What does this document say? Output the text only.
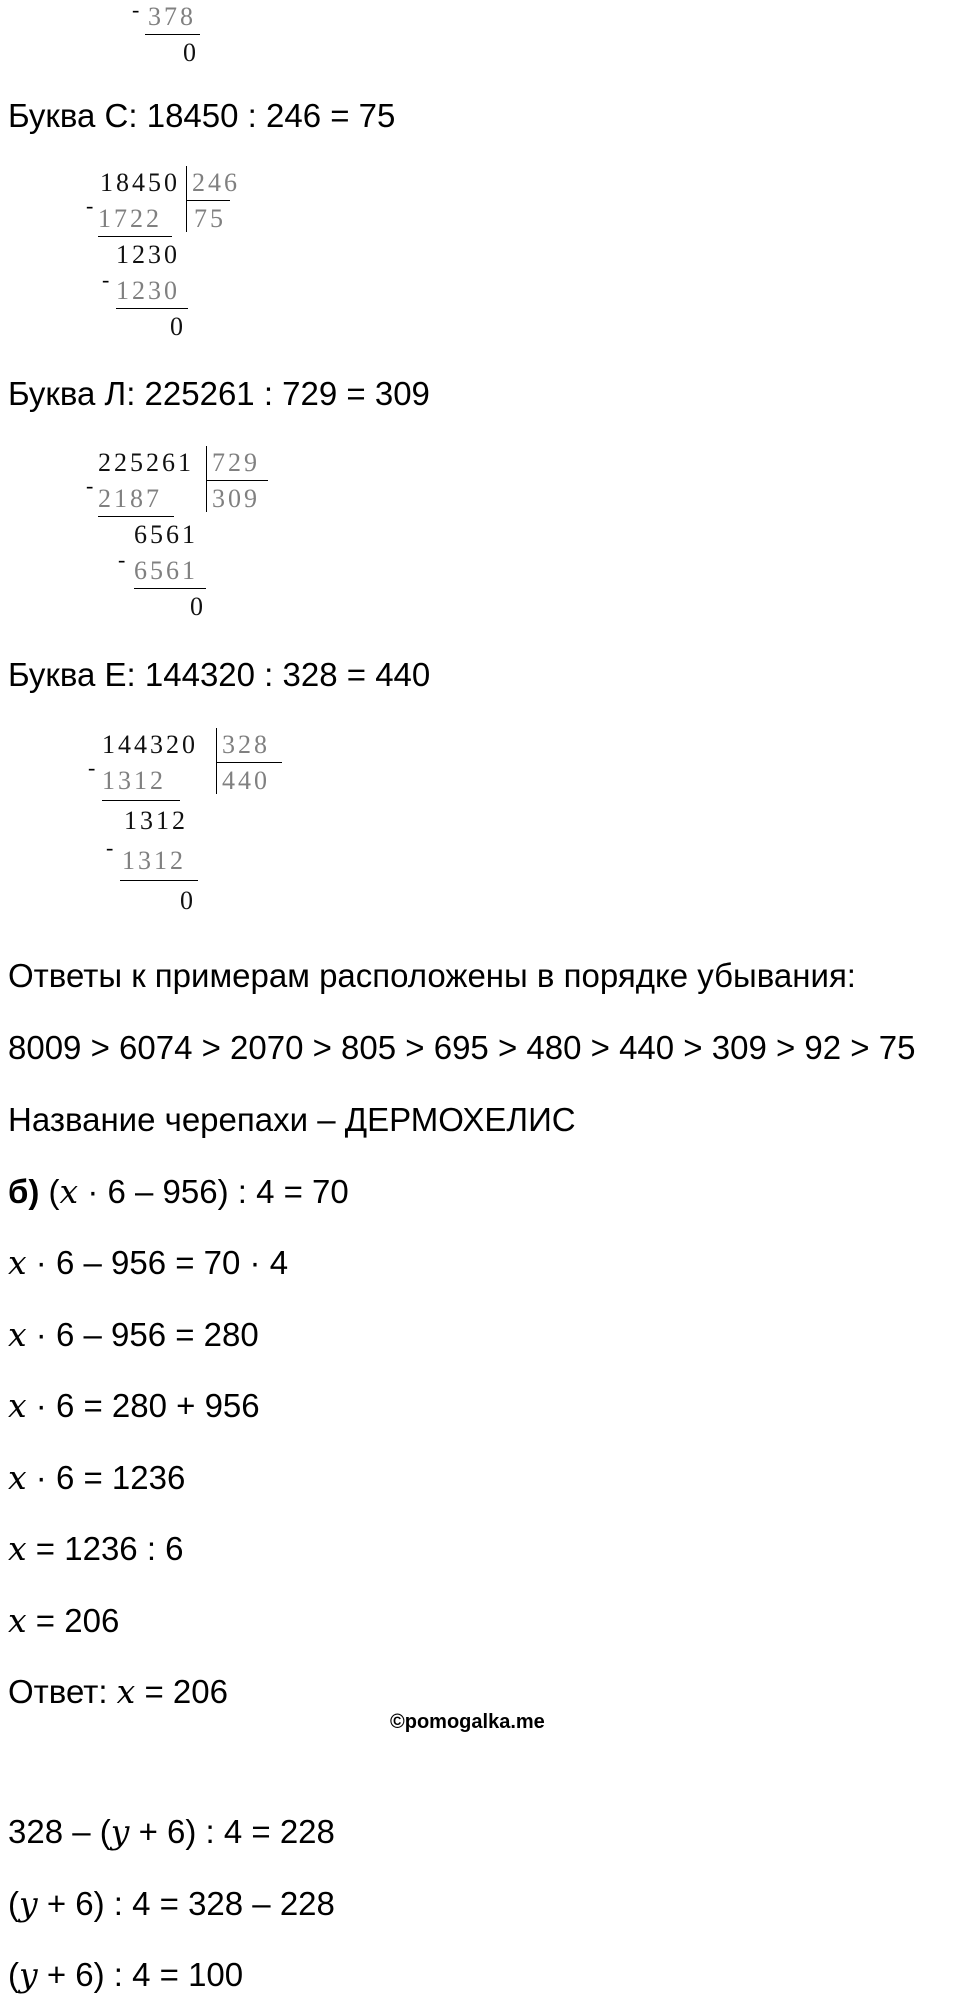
- 378
0
Буква С: 18450 : 246 = 75
-
18450 246
1722 75
1230
- 1230
0
Буква Л: 225261 : 729 = 309
-
225261 729
2187 309
6561
- 6561
0
Буква Е: 144320 : 328 = 440
-
144320 328
1312 440
1312
- 1312
0
Ответы к примерам расположены в порядке убывания:
8009 > 6074 > 2070 > 805 > 695 > 480 > 440 > 309 > 92 > 75
Название черепахи – ДЕРМОХЕЛИС
б) (𝑥 · 6 – 956) : 4 = 70
𝑥 · 6 – 956 = 70 · 4
𝑥 · 6 – 956 = 280
𝑥 · 6 = 280 + 956
𝑥 · 6 = 1236
𝑥 = 1236 : 6
𝑥 = 206
Ответ: 𝑥 = 206
©pomogalka.me
328 – (𝑦 + 6) : 4 = 228
(𝑦 + 6) : 4 = 328 – 228
(𝑦 + 6) : 4 = 100
